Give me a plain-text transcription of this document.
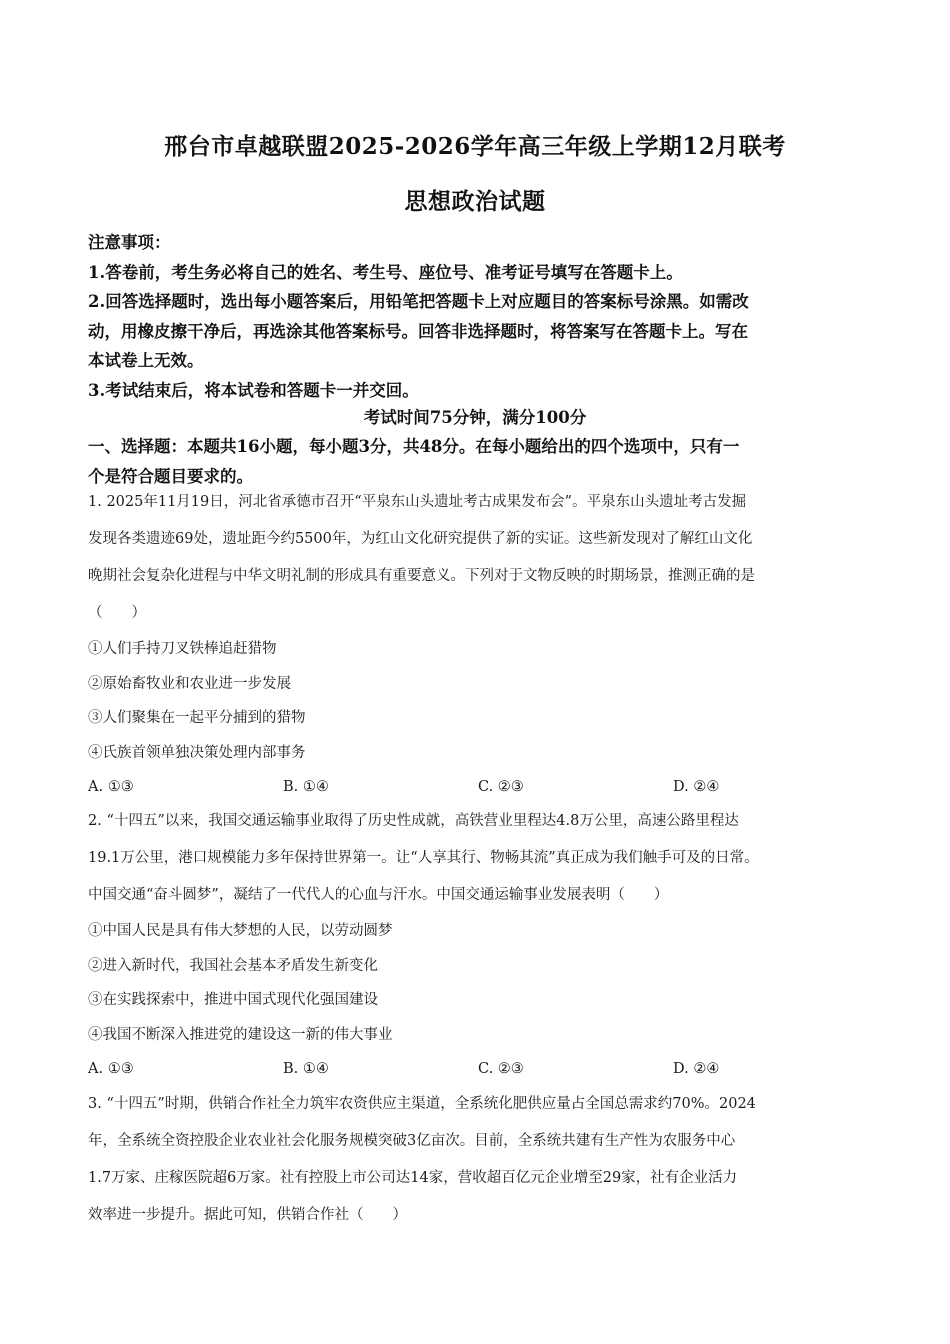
邢台市卓越联盟2025-2026学年高三年级上学期12月联考
思想政治试题
注意事项：
1.答卷前，考生务必将自己的姓名、考生号、座位号、准考证号填写在答题卡上。
2.回答选择题时，选出每小题答案后，用铅笔把答题卡上对应题目的答案标号涂黑。如需改
动，用橡皮擦干净后，再选涂其他答案标号。回答非选择题时，将答案写在答题卡上。写在
本试卷上无效。
3.考试结束后，将本试卷和答题卡一并交回。
考试时间75分钟，满分100分
一、选择题：本题共16小题，每小题3分，共48分。在每小题给出的四个选项中，只有一
个是符合题目要求的。
1. 2025年11月19日，河北省承德市召开“平泉东山头遗址考古成果发布会”。平泉东山头遗址考古发掘
发现各类遗迹69处，遗址距今约5500年，为红山文化研究提供了新的实证。这些新发现对了解红山文化
晚期社会复杂化进程与中华文明礼制的形成具有重要意义。下列对于文物反映的时期场景，推测正确的是
（　　）
①人们手持刀叉铁棒追赶猎物
②原始畜牧业和农业进一步发展
③人们聚集在一起平分捕到的猎物
④氏族首领单独决策处理内部事务
A. ①③	B. ①④	C. ②③	D. ②④
2. “十四五”以来，我国交通运输事业取得了历史性成就，高铁营业里程达4.8万公里，高速公路里程达
19.1万公里，港口规模能力多年保持世界第一。让“人享其行、物畅其流”真正成为我们触手可及的日常。
中国交通“奋斗圆梦”，凝结了一代代人的心血与汗水。中国交通运输事业发展表明（　　）
①中国人民是具有伟大梦想的人民，以劳动圆梦
②进入新时代，我国社会基本矛盾发生新变化
③在实践探索中，推进中国式现代化强国建设
④我国不断深入推进党的建设这一新的伟大事业
A. ①③	B. ①④	C. ②③	D. ②④
3. “十四五”时期，供销合作社全力筑牢农资供应主渠道，全系统化肥供应量占全国总需求约70%。2024
年，全系统全资控股企业农业社会化服务规模突破3亿亩次。目前，全系统共建有生产性为农服务中心
1.7万家、庄稼医院超6万家。社有控股上市公司达14家，营收超百亿元企业增至29家，社有企业活力
效率进一步提升。据此可知，供销合作社（　　）
